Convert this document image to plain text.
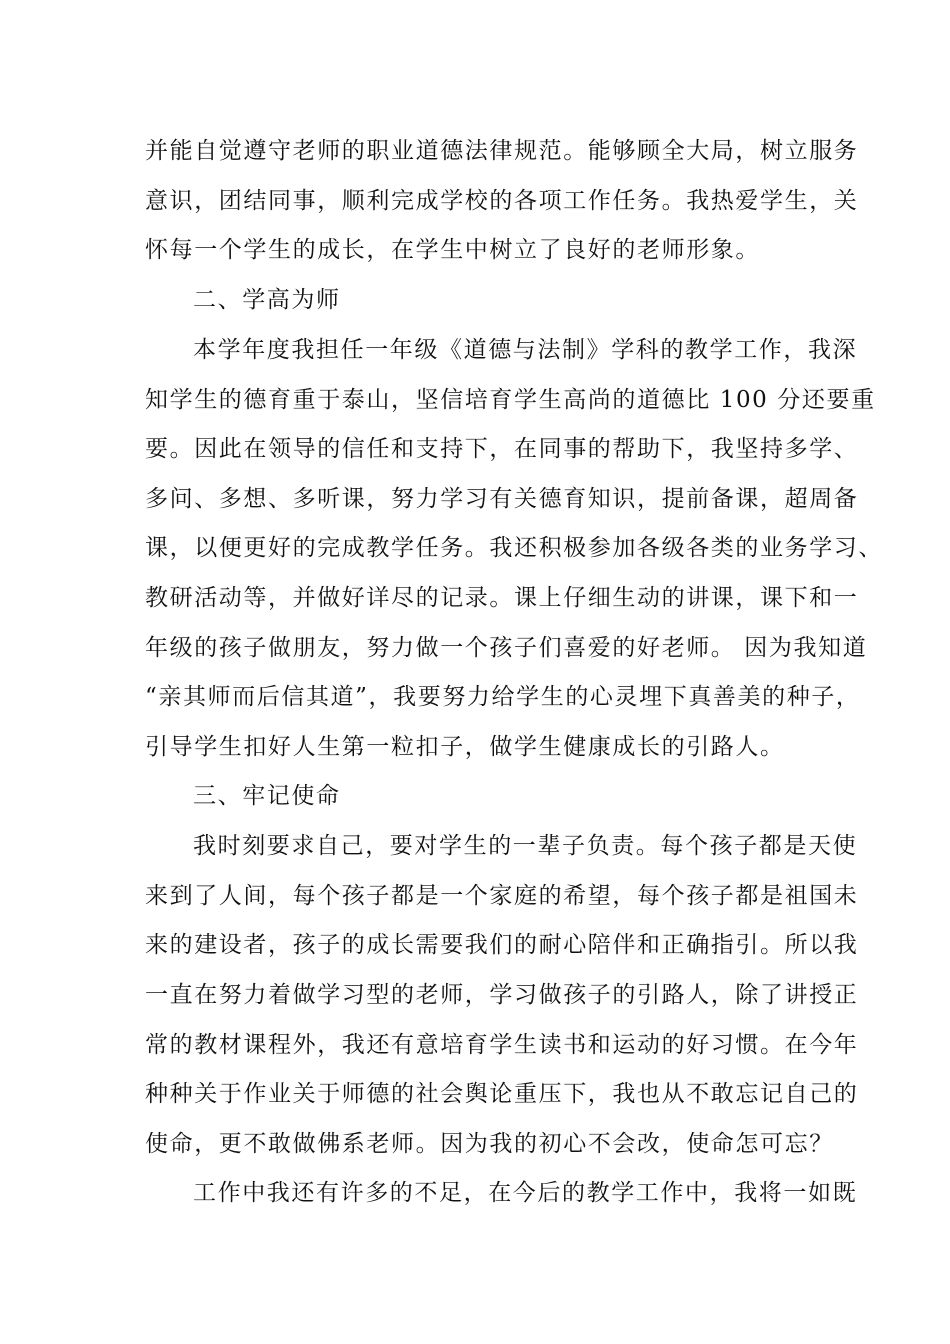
并能自觉遵守老师的职业道德法律规范。能够顾全大局，树立服务
意识，团结同事，顺利完成学校的各项工作任务。我热爱学生，关
怀每一个学生的成长，在学生中树立了良好的老师形象。
二、学高为师
本学年度我担任一年级《道德与法制》学科的教学工作，我深
知学生的德育重于泰山，坚信培育学生高尚的道德比 100 分还要重
要。因此在领导的信任和支持下，在同事的帮助下，我坚持多学、
多问、多想、多听课，努力学习有关德育知识，提前备课，超周备
课，以便更好的完成教学任务。我还积极参加各级各类的业务学习、
教研活动等，并做好详尽的记录。课上仔细生动的讲课，课下和一
年级的孩子做朋友，努力做一个孩子们喜爱的好老师。 因为我知道
“亲其师而后信其道”，我要努力给学生的心灵埋下真善美的种子，
引导学生扣好人生第一粒扣子，做学生健康成长的引路人。
三、牢记使命
我时刻要求自己，要对学生的一辈子负责。每个孩子都是天使
来到了人间，每个孩子都是一个家庭的希望，每个孩子都是祖国未
来的建设者，孩子的成长需要我们的耐心陪伴和正确指引。所以我
一直在努力着做学习型的老师，学习做孩子的引路人，除了讲授正
常的教材课程外，我还有意培育学生读书和运动的好习惯。在今年
种种关于作业关于师德的社会舆论重压下，我也从不敢忘记自己的
使命，更不敢做佛系老师。因为我的初心不会改，使命怎可忘？
工作中我还有许多的不足，在今后的教学工作中，我将一如既
